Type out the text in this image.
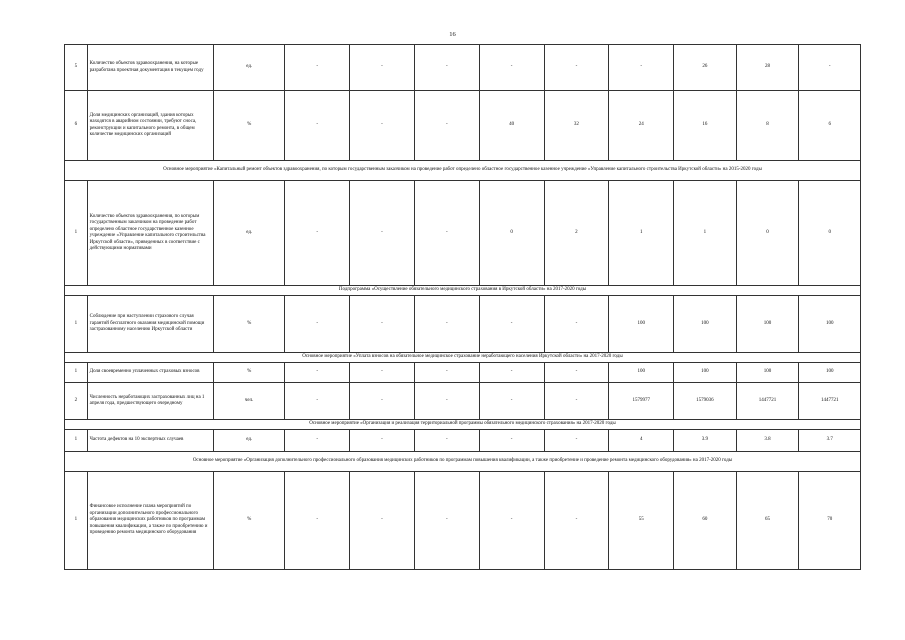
16
5	Количество объектов здравоохранения, на которые разработана проектная документация в текущем году	ед.	-	-	-	-	-	-	26	28	-
6	Доля медицинских организаций, здания которых находятся в аварийном состоянии, требуют сноса, реконструкции и капитального ремонта, в общем количестве медицинских организаций	%	-	-	-	40	32	24	16	8	6
Основное мероприятие «Капитальный ремонт объектов здравоохранения, по которым государственным заказчиком на проведение работ определено областное государственное казенное учреждение «Управление капитального строительства Иркутской области» на 2015-2020 годы											
1	Количество объектов здравоохранения, по которым государственным заказчиком на проведение работ определено областное государственное казенное учреждение «Управление капитального строительства Иркутской области», приведенных в соответствие с действующими нормативами	ед.	-	-	-	0	2	1	1	0	0
Подпрограмма «Осуществление обязательного медицинского страхования в Иркутской области» на 2017-2020 годы											
1	Соблюдение при наступлении страхового случая гарантий бесплатного оказания медицинской помощи застрахованному населению Иркутской области	%	-	-	-	-	-	100	100	100	100
Основное мероприятие «Уплата взносов на обязательное медицинское страхование неработающего населения Иркутской области» на 2017-2020 годы											
1	Доля своевременно уплаченных страховых взносов	%	-	-	-	-	-	100	100	100	100
2	Численность неработающих застрахованных лиц на 1 апреля года, предшествующего очередному	чел.	-	-	-	-	-	1579977	1579036	1447721	1447721
Основное мероприятие «Организация и реализация территориальной программы обязательного медицинского страхования» на 2017-2020 годы											
1	Частота дефектов на 10 экспертных случаев	ед.	-	-	-	-	-	4	3.9	3.8	3.7
Основное мероприятие «Организация дополнительного профессионального образования медицинских работников по программам повышения квалификации, а также приобретение и проведение ремонта медицинского оборудования» на 2017-2020 годы											
1	Финансовое исполнение плана мероприятий по организации дополнительного профессионального образования медицинских работников по программам повышения квалификации, а также по приобретению и проведению ремонта медицинского оборудования	%	-	-	-	-	-	55	60	65	70
